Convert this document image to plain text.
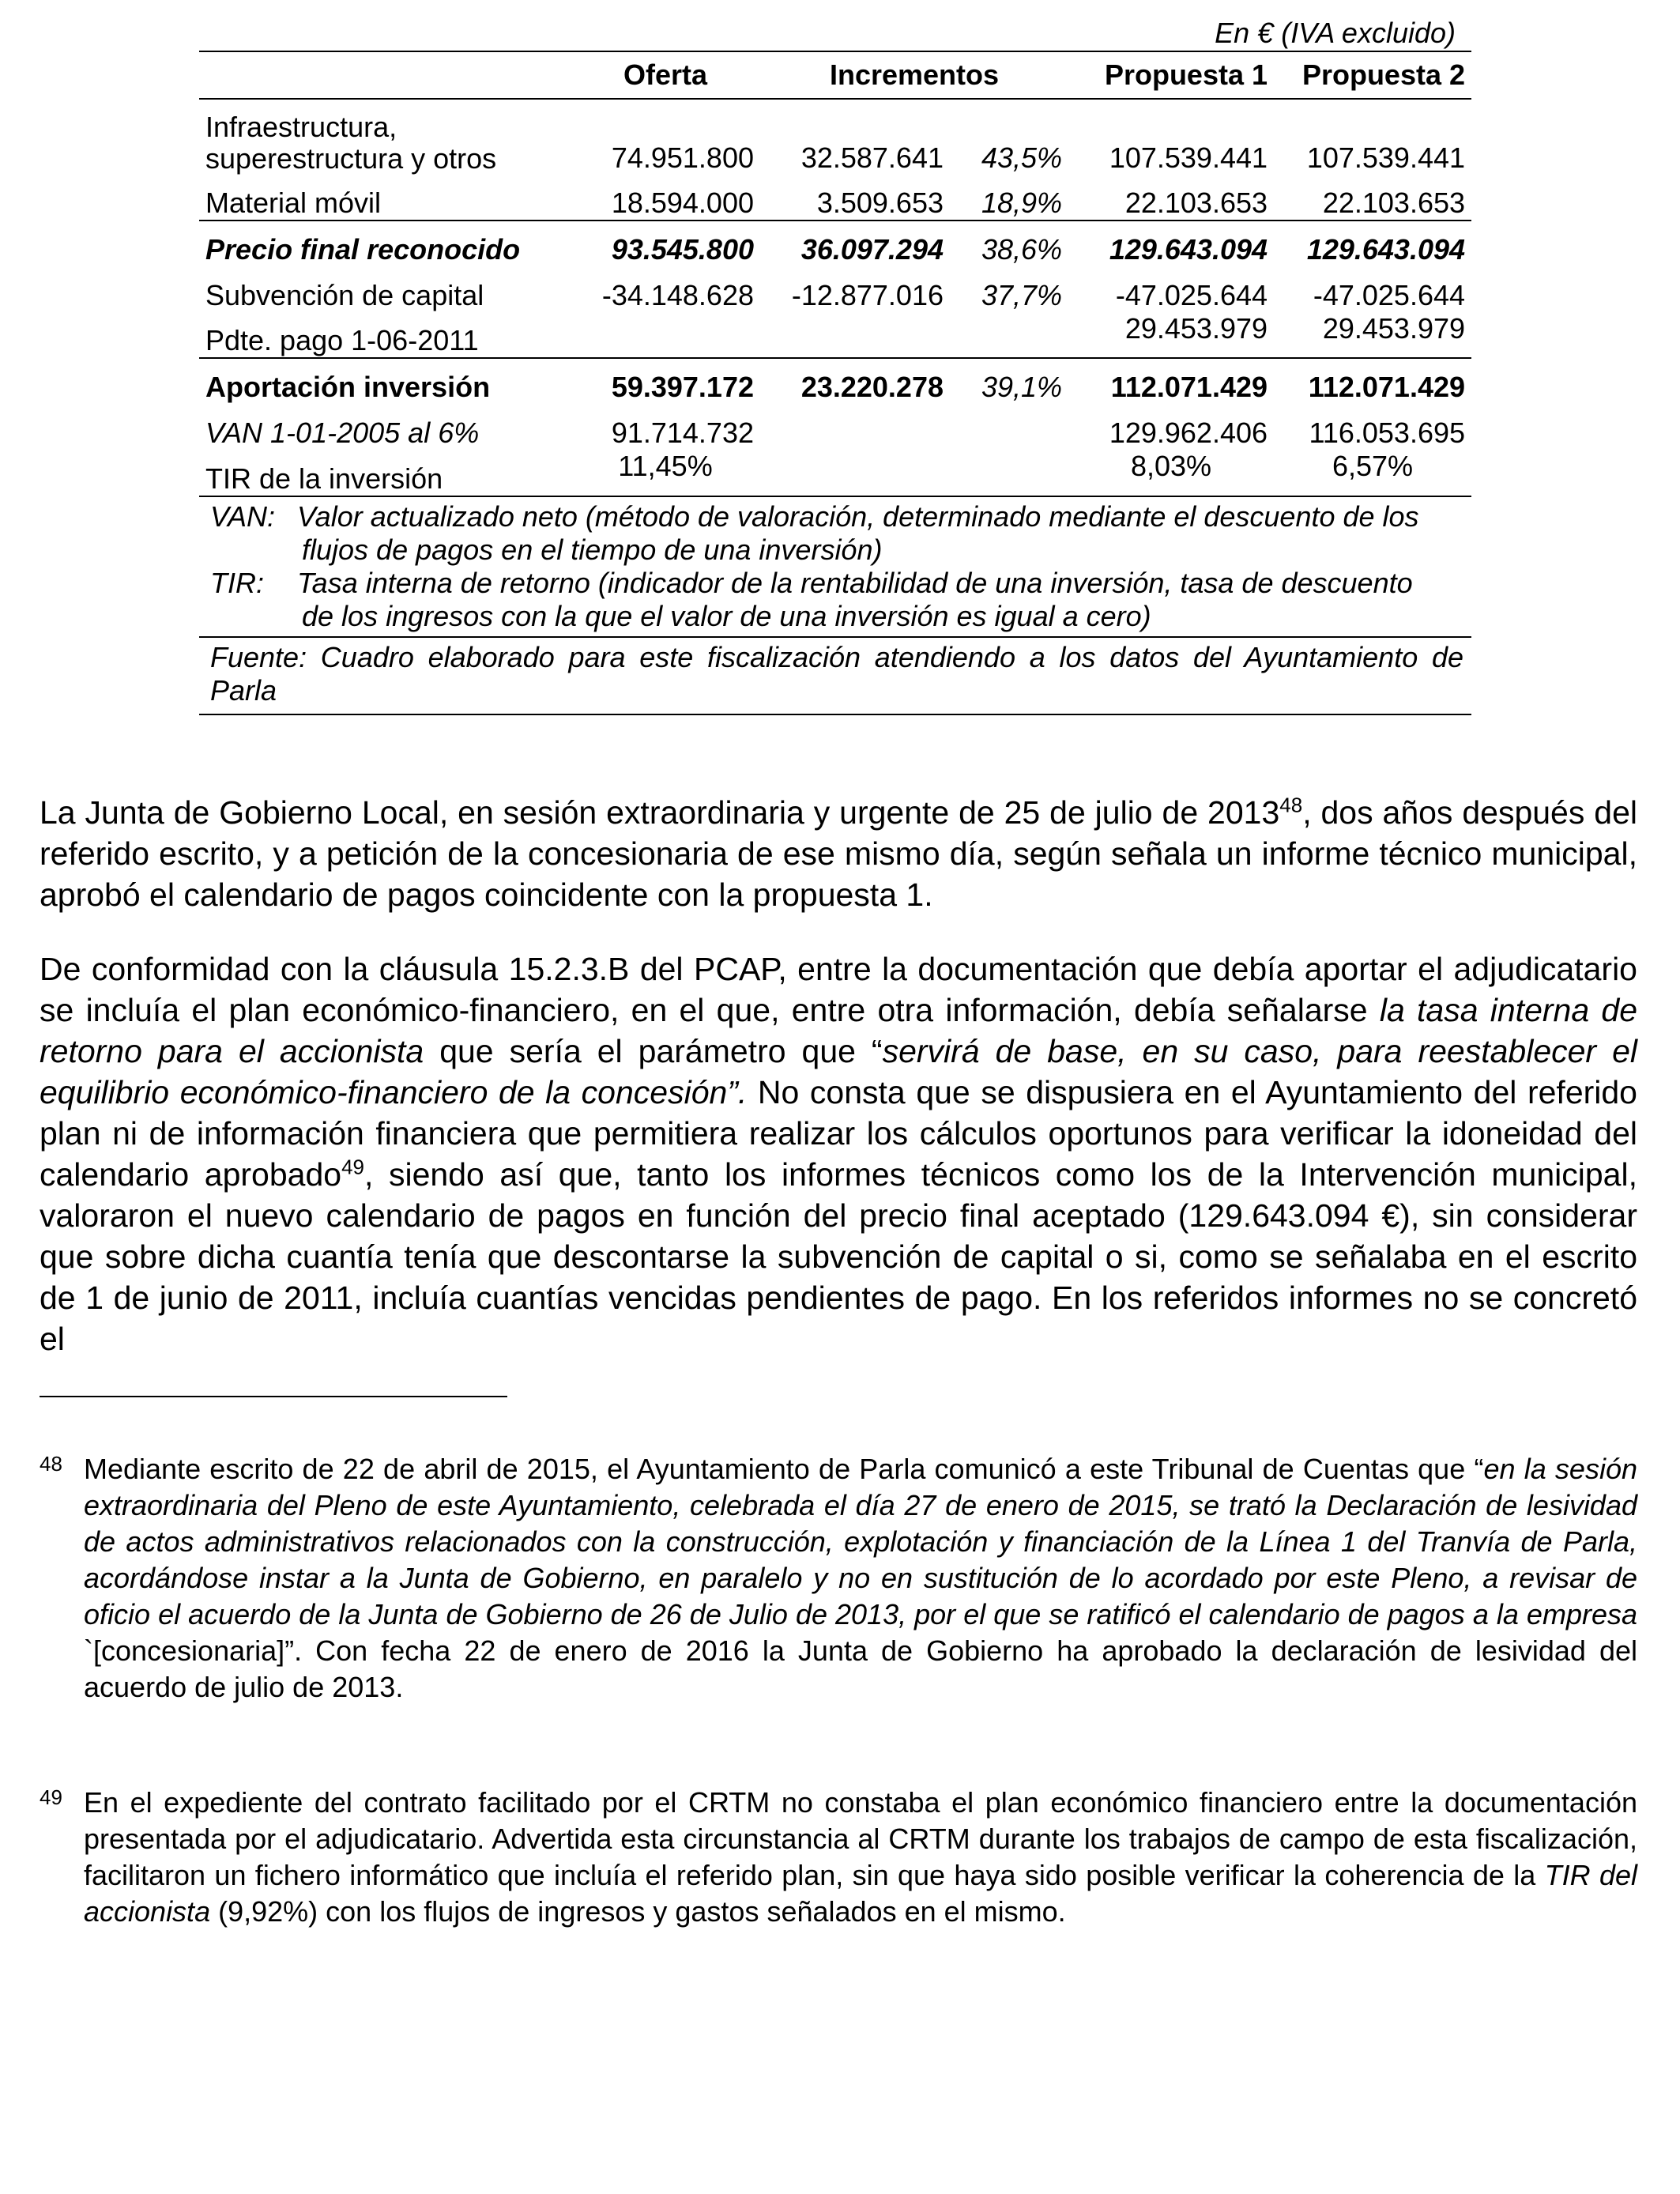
En € (IVA excluido)
	Oferta	Incrementos		Propuesta 1	Propuesta 2
Infraestructura, superestructura y otros	74.951.800	32.587.641	43,5%	107.539.441	107.539.441
Material móvil	18.594.000	3.509.653	18,9%	22.103.653	22.103.653
Precio final reconocido	93.545.800	36.097.294	38,6%	129.643.094	129.643.094
Subvención de capital	-34.148.628	-12.877.016	37,7%	-47.025.644	-47.025.644
Pdte. pago 1-06-2011				29.453.979	29.453.979
Aportación inversión	59.397.172	23.220.278	39,1%	112.071.429	112.071.429
VAN 1-01-2005 al 6%	91.714.732			129.962.406	116.053.695
TIR de la inversión	11,45%			8,03%	6,57%
VAN: Valor actualizado neto (método de valoración, determinado mediante el descuento de los
flujos de pagos en el tiempo de una inversión)
TIR:	Tasa interna de retorno (indicador de la rentabilidad de una inversión, tasa de descuento
de los ingresos con la que el valor de una inversión es igual a cero)
Fuente: Cuadro elaborado para este fiscalización atendiendo a los datos del Ayuntamiento de Parla
La Junta de Gobierno Local, en sesión extraordinaria y urgente de 25 de julio de 2013$^{48}$, dos años después del referido escrito, y a petición de la concesionaria de ese mismo día, según señala un informe técnico municipal, aprobó el calendario de pagos coincidente con la propuesta 1.
De conformidad con la cláusula 15.2.3.B del PCAP, entre la documentación que debía aportar el adjudicatario se incluía el plan económico-financiero, en el que, entre otra información, debía señalarse la tasa interna de retorno para el accionista que sería el parámetro que “servirá de base, en su caso, para reestablecer el equilibrio económico-financiero de la concesión”. No consta que se dispusiera en el Ayuntamiento del referido plan ni de información financiera que permitiera realizar los cálculos oportunos para verificar la idoneidad del calendario aprobado$^{49}$, siendo así que, tanto los informes técnicos como los de la Intervención municipal, valoraron el nuevo calendario de pagos en función del precio final aceptado (129.643.094 €), sin considerar que sobre dicha cuantía tenía que descontarse la subvención de capital o si, como se señalaba en el escrito de 1 de junio de 2011, incluía cuantías vencidas pendientes de pago. En los referidos informes no se concretó el
48 Mediante escrito de 22 de abril de 2015, el Ayuntamiento de Parla comunicó a este Tribunal de Cuentas que “en la sesión extraordinaria del Pleno de este Ayuntamiento, celebrada el día 27 de enero de 2015, se trató la Declaración de lesividad de actos administrativos relacionados con la construcción, explotación y financiación de la Línea 1 del Tranvía de Parla, acordándose instar a la Junta de Gobierno, en paralelo y no en sustitución de lo acordado por este Pleno, a revisar de oficio el acuerdo de la Junta de Gobierno de 26 de Julio de 2013, por el que se ratificó el calendario de pagos a la empresa `[concesionaria]”. Con fecha 22 de enero de 2016 la Junta de Gobierno ha aprobado la declaración de lesividad del acuerdo de julio de 2013.
49 En el expediente del contrato facilitado por el CRTM no constaba el plan económico financiero entre la documentación presentada por el adjudicatario. Advertida esta circunstancia al CRTM durante los trabajos de campo de esta fiscalización, facilitaron un fichero informático que incluía el referido plan, sin que haya sido posible verificar la coherencia de la TIR del accionista (9,92%) con los flujos de ingresos y gastos señalados en el mismo.
